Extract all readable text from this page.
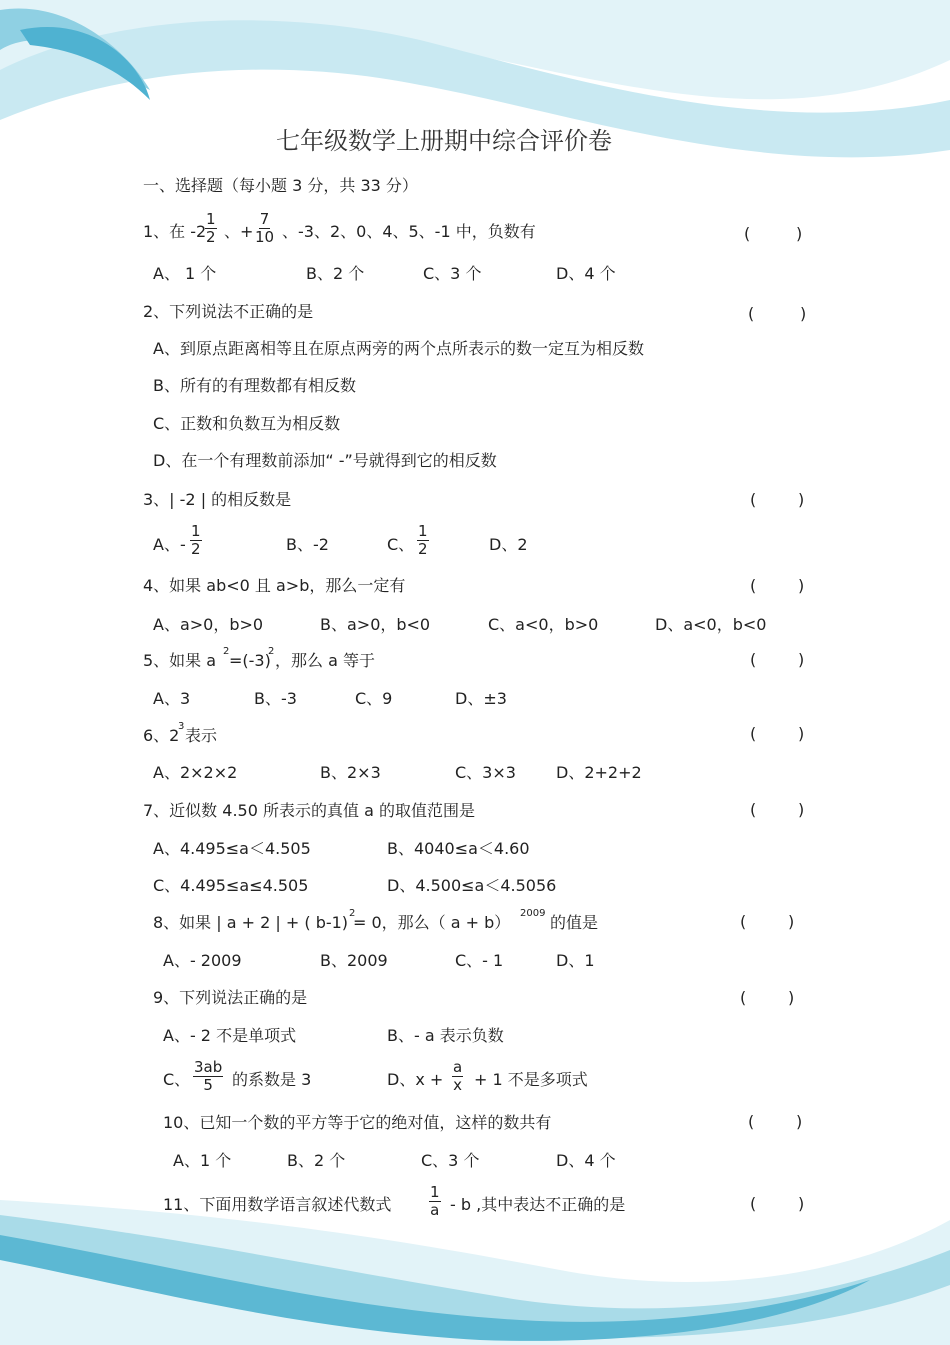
七年级数学上册期中综合评价卷
一、选择题（每小题 3 分，共 33 分）
1、在 -2
$\frac{1}{2}$ 、+ $\frac{7}{10}$ 、-3、2、0、4、5、-1 中，负数有	(	)
A、 1 个	B、2 个	C、3 个	D、4 个
2、下列说法不正确的是	(	)
A、到原点距离相等且在原点两旁的两个点所表示的数一定互为相反数
B、所有的有理数都有相反数
C、正数和负数互为相反数
D、在一个有理数前添加“ -”号就得到它的相反数
3、| -2 | 的相反数是	(	)
A、- $\frac{1}{2}$	B、-2	C、 $\frac{1}{2}$	D、2
4、如果 ab<0 且 a>b，那么一定有	(	)
A、a>0，b>0	B、a>0，b<0	C、a<0，b>0	D、a<0，b<0
5、如果 a 2 =(-3)
2 ，那么 a 等于	(	)
A、3	B、-3	C、9	D、±3
6、2
3 表示	(	)
A、2×2×2	B、2×3	C、3×3	D、2+2+2
7、近似数 4.50 所表示的真值 a 的取值范围是	(	)
A、4.495≤a＜4.505	B、4040≤a＜4.60
C、4.495≤a≤4.505	D、4.500≤a＜4.5056
8、如果 | a + 2 | + ( b-1) 2
= 0，那么（ a + b） 2009 的值是	(	)
A、- 2009	B、2009	C、- 1	D、1
9、下列说法正确的是	(	)
A、- 2 不是单项式	B、- a 表示负数
C、 $\frac{3ab}{5}$ 的系数是 3	D、$x + \frac{a}{x} + 1$ 不是多项式
10、已知一个数的平方等于它的绝对值，这样的数共有	(	)
A、1 个	B、2 个	C、3 个	D、4 个
11、下面用数学语言叙述代数式	$\frac{1}{a}$ - b ,其中表达不正确的是	(	)
